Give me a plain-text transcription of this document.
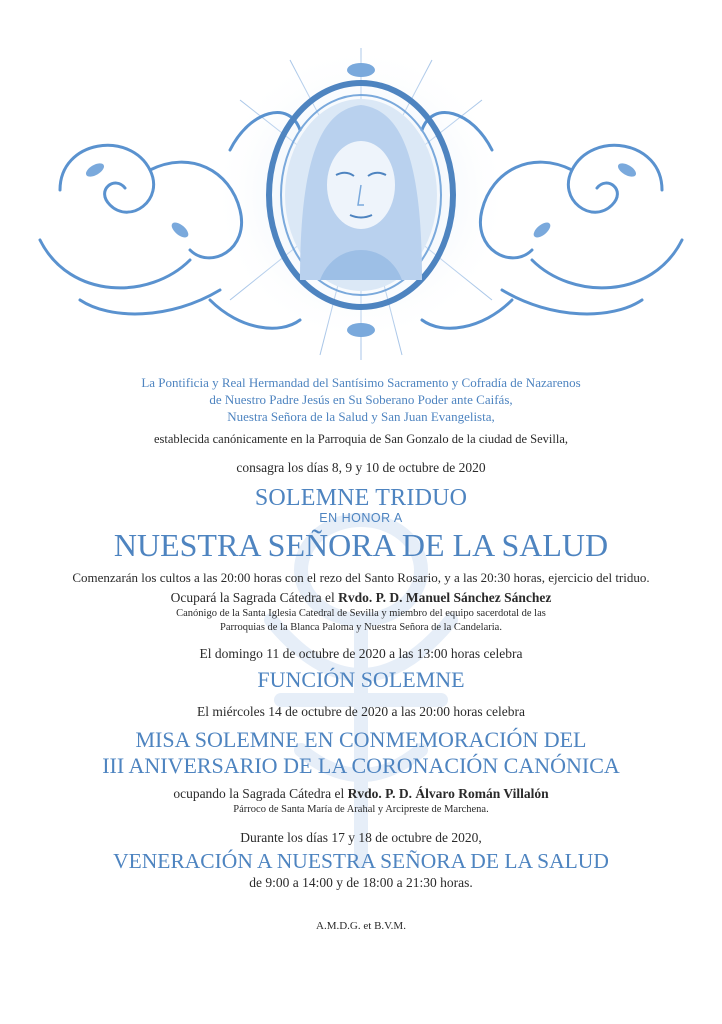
La Pontificia y Real Hermandad del Santísimo Sacramento y Cofradía de Nazarenos
de Nuestro Padre Jesús en Su Soberano Poder ante Caifás,
Nuestra Señora de la Salud y San Juan Evangelista,
establecida canónicamente en la Parroquia de San Gonzalo de la ciudad de Sevilla,
consagra los días 8, 9 y 10 de octubre de 2020
SOLEMNE TRIDUO
EN HONOR A
NUESTRA SEÑORA DE LA SALUD
Comenzarán los cultos a las 20:00 horas con el rezo del Santo Rosario, y a las 20:30 horas, ejercicio del triduo.
Ocupará la Sagrada Cátedra el Rvdo. P. D. Manuel Sánchez Sánchez
Canónigo de la Santa Iglesia Catedral de Sevilla y miembro del equipo sacerdotal de las
Parroquias de la Blanca Paloma y Nuestra Señora de la Candelaria.
El domingo 11 de octubre de 2020 a las 13:00 horas celebra
FUNCIÓN SOLEMNE
El miércoles 14 de octubre de 2020 a las 20:00 horas celebra
MISA SOLEMNE EN CONMEMORACIÓN DEL
III ANIVERSARIO DE LA CORONACIÓN CANÓNICA
ocupando la Sagrada Cátedra el Rvdo. P. D. Álvaro Román Villalón
Párroco de Santa María de Arahal y Arcipreste de Marchena.
Durante los días 17 y 18 de octubre de 2020,
VENERACIÓN A NUESTRA SEÑORA DE LA SALUD
de 9:00 a 14:00 y de 18:00 a 21:30 horas.
A.M.D.G. et B.V.M.
